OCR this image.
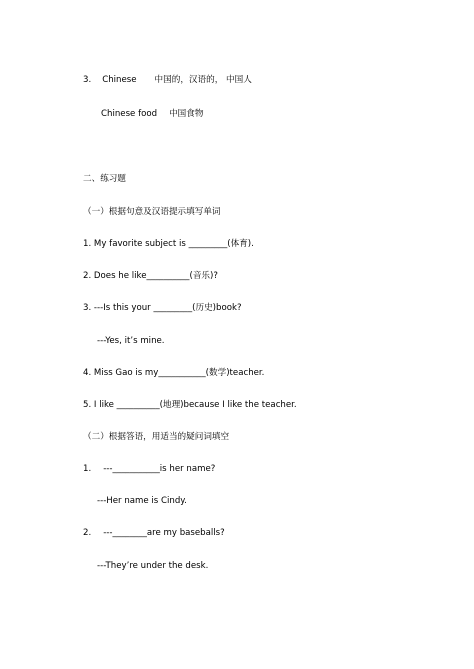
3. Chinese 中国的，汉语的， 中国人

Chinese food 中国食物

二、练习题

（一）根据句意及汉语提示填写单词

1. My favorite subject is _________(体育).

2. Does he like__________(音乐)?

3. ---Is this your _________(历史)book?

---Yes, it’s mine.

4. Miss Gao is my___________(数学)teacher.

5. I like __________(地理)because I like the teacher.

（二）根据答语，用适当的疑问词填空

1. ---___________is her name?

---Her name is Cindy.

2. ---________are my baseballs?

---They’re under the desk.
